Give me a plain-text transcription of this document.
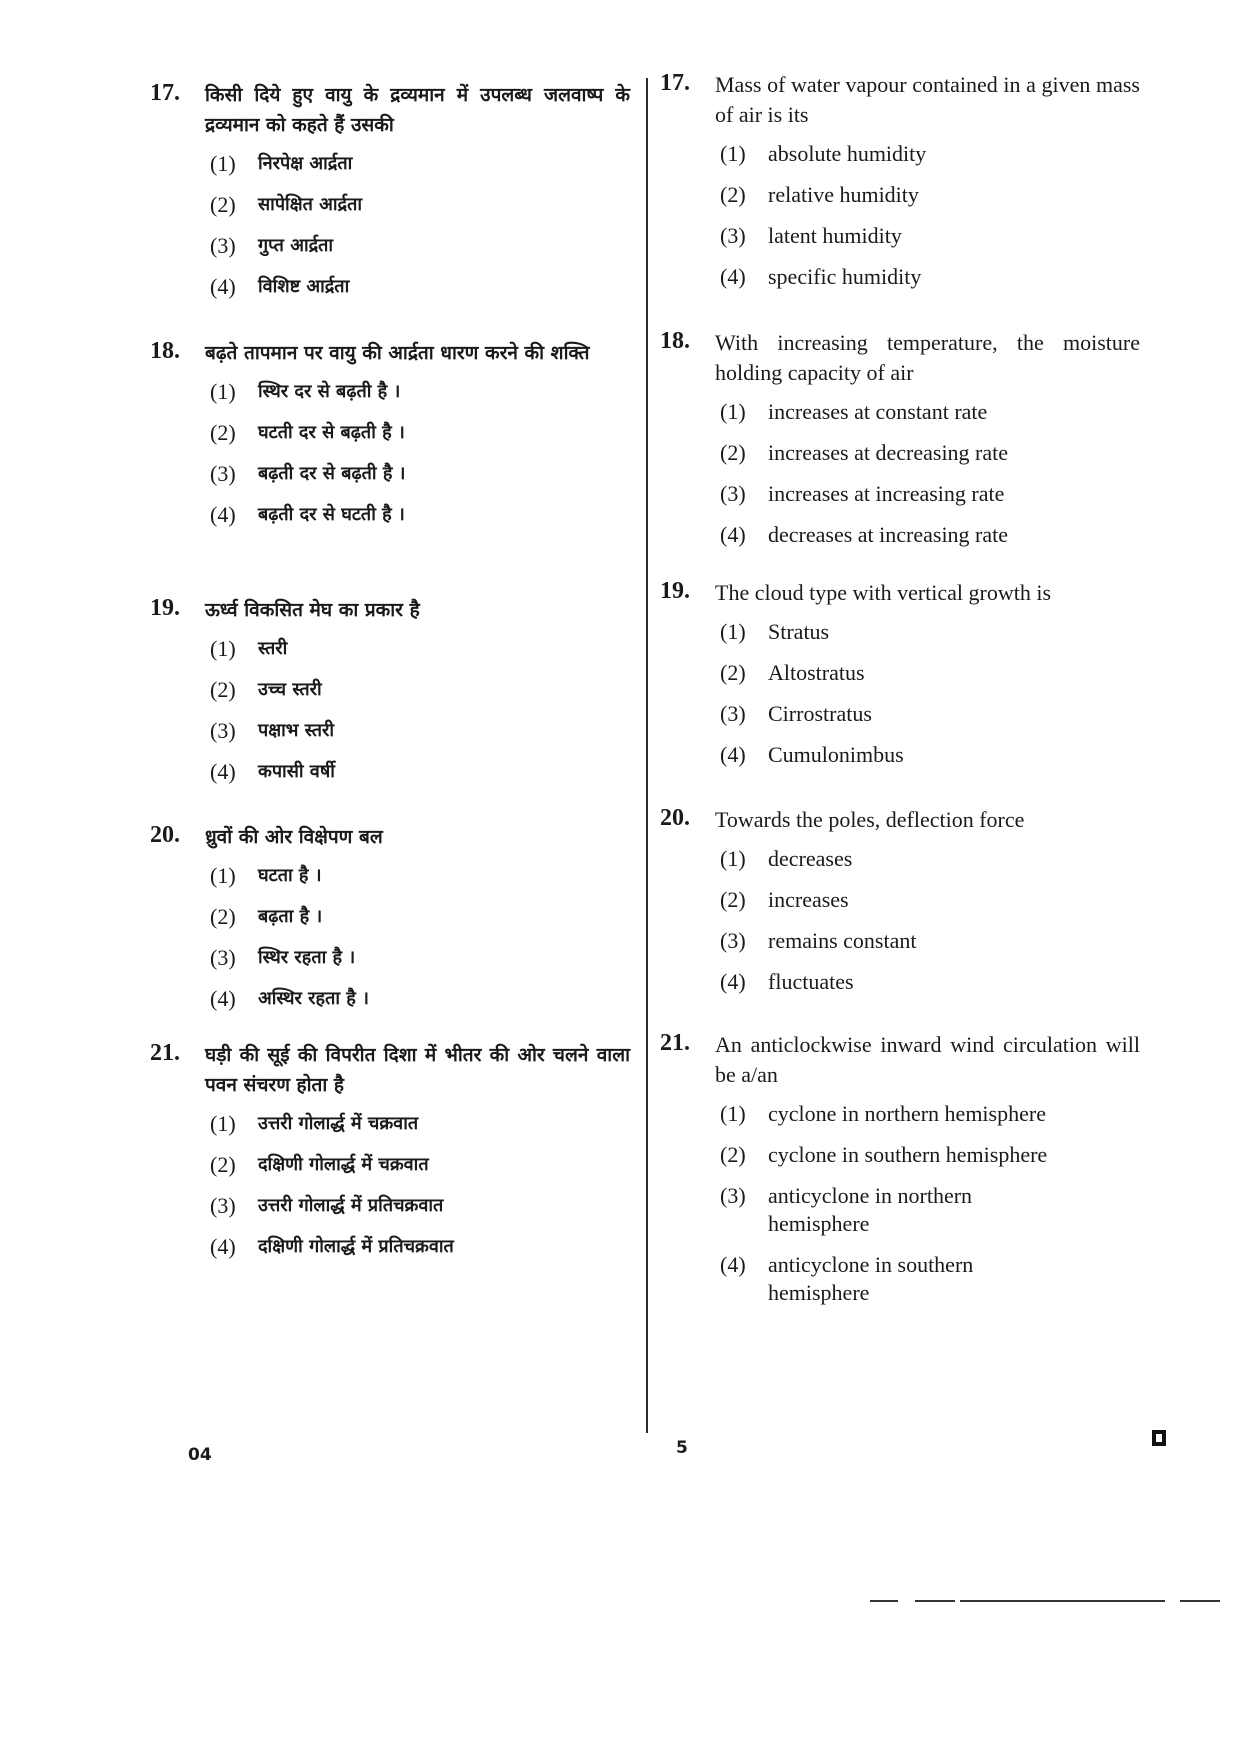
17. किसी दिये हुए वायु के द्रव्यमान में उपलब्ध जलवाष्प के द्रव्यमान को कहते हैं उसकी
(1)	निरपेक्ष आर्द्रता
(2)	सापेक्षित आर्द्रता
(3)	गुप्त आर्द्रता
(4)	विशिष्ट आर्द्रता
18. बढ़ते तापमान पर वायु की आर्द्रता धारण करने की शक्ति
(1)	स्थिर दर से बढ़ती है ।
(2)	घटती दर से बढ़ती है ।
(3)	बढ़ती दर से बढ़ती है ।
(4)	बढ़ती दर से घटती है ।
19. ऊर्ध्व विकसित मेघ का प्रकार है
(1)	स्तरी
(2)	उच्च स्तरी
(3)	पक्षाभ स्तरी
(4)	कपासी वर्षी
20. ध्रुवों की ओर विक्षेपण बल
(1)	घटता है ।
(2)	बढ़ता है ।
(3)	स्थिर रहता है ।
(4)	अस्थिर रहता है ।
21. घड़ी की सूई की विपरीत दिशा में भीतर की ओर चलने वाला पवन संचरण होता है
(1)	उत्तरी गोलार्द्ध में चक्रवात
(2)	दक्षिणी गोलार्द्ध में चक्रवात
(3)	उत्तरी गोलार्द्ध में प्रतिचक्रवात
(4)	दक्षिणी गोलार्द्ध में प्रतिचक्रवात
17. Mass of water vapour contained in a given mass of air is its
(1)	absolute humidity
(2)	relative humidity
(3)	latent humidity
(4)	specific humidity
18. With increasing temperature, the moisture holding capacity of air
(1)	increases at constant rate
(2)	increases at decreasing rate
(3)	increases at increasing rate
(4)	decreases at increasing rate
19. The cloud type with vertical growth is
(1)	Stratus
(2)	Altostratus
(3)	Cirrostratus
(4)	Cumulonimbus
20. Towards the poles, deflection force
(1)	decreases
(2)	increases
(3)	remains constant
(4)	fluctuates
21. An anticlockwise inward wind circulation will be a/an
(1)	cyclone in northern hemisphere
(2)	cyclone in southern hemisphere
(3)	anticyclone in northern hemisphere
(4)	anticyclone in southern hemisphere
04	5
